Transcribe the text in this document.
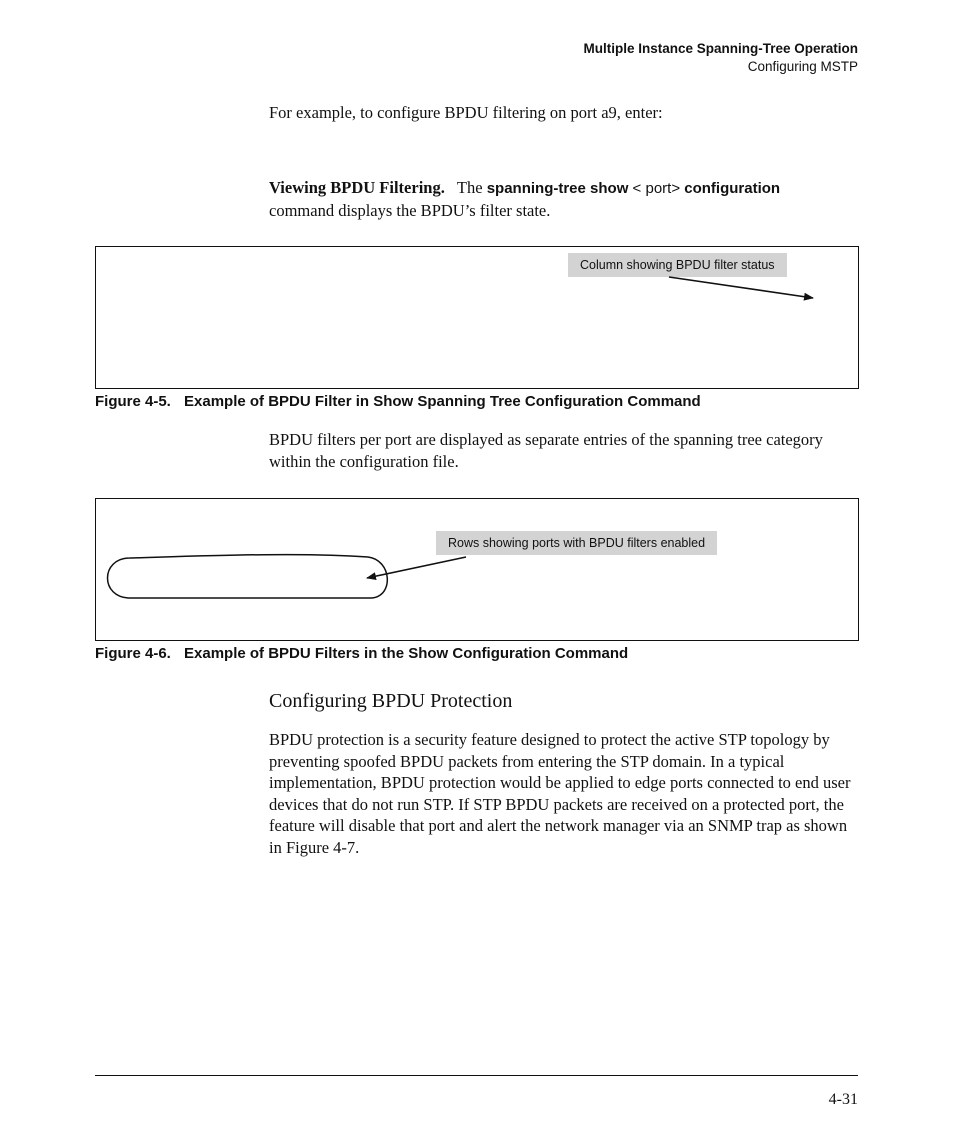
Multiple Instance Spanning-Tree Operation
Configuring MSTP
For example, to configure BPDU filtering on port a9, enter:
Viewing BPDU Filtering. The spanning-tree show < port> configuration
command displays the BPDU’s filter state.
Column showing BPDU filter status
Figure 4-5. Example of BPDU Filter in Show Spanning Tree Configuration Command
BPDU filters per port are displayed as separate entries of the spanning tree category within the configuration file.
Rows showing ports with BPDU filters enabled
Figure 4-6. Example of BPDU Filters in the Show Configuration Command
Configuring BPDU Protection
BPDU protection is a security feature designed to protect the active STP topology by preventing spoofed BPDU packets from entering the STP domain. In a typical implementation, BPDU protection would be applied to edge ports connected to end user devices that do not run STP. If STP BPDU packets are received on a protected port, the feature will disable that port and alert the network manager via an SNMP trap as shown in Figure 4-7.
4-31
